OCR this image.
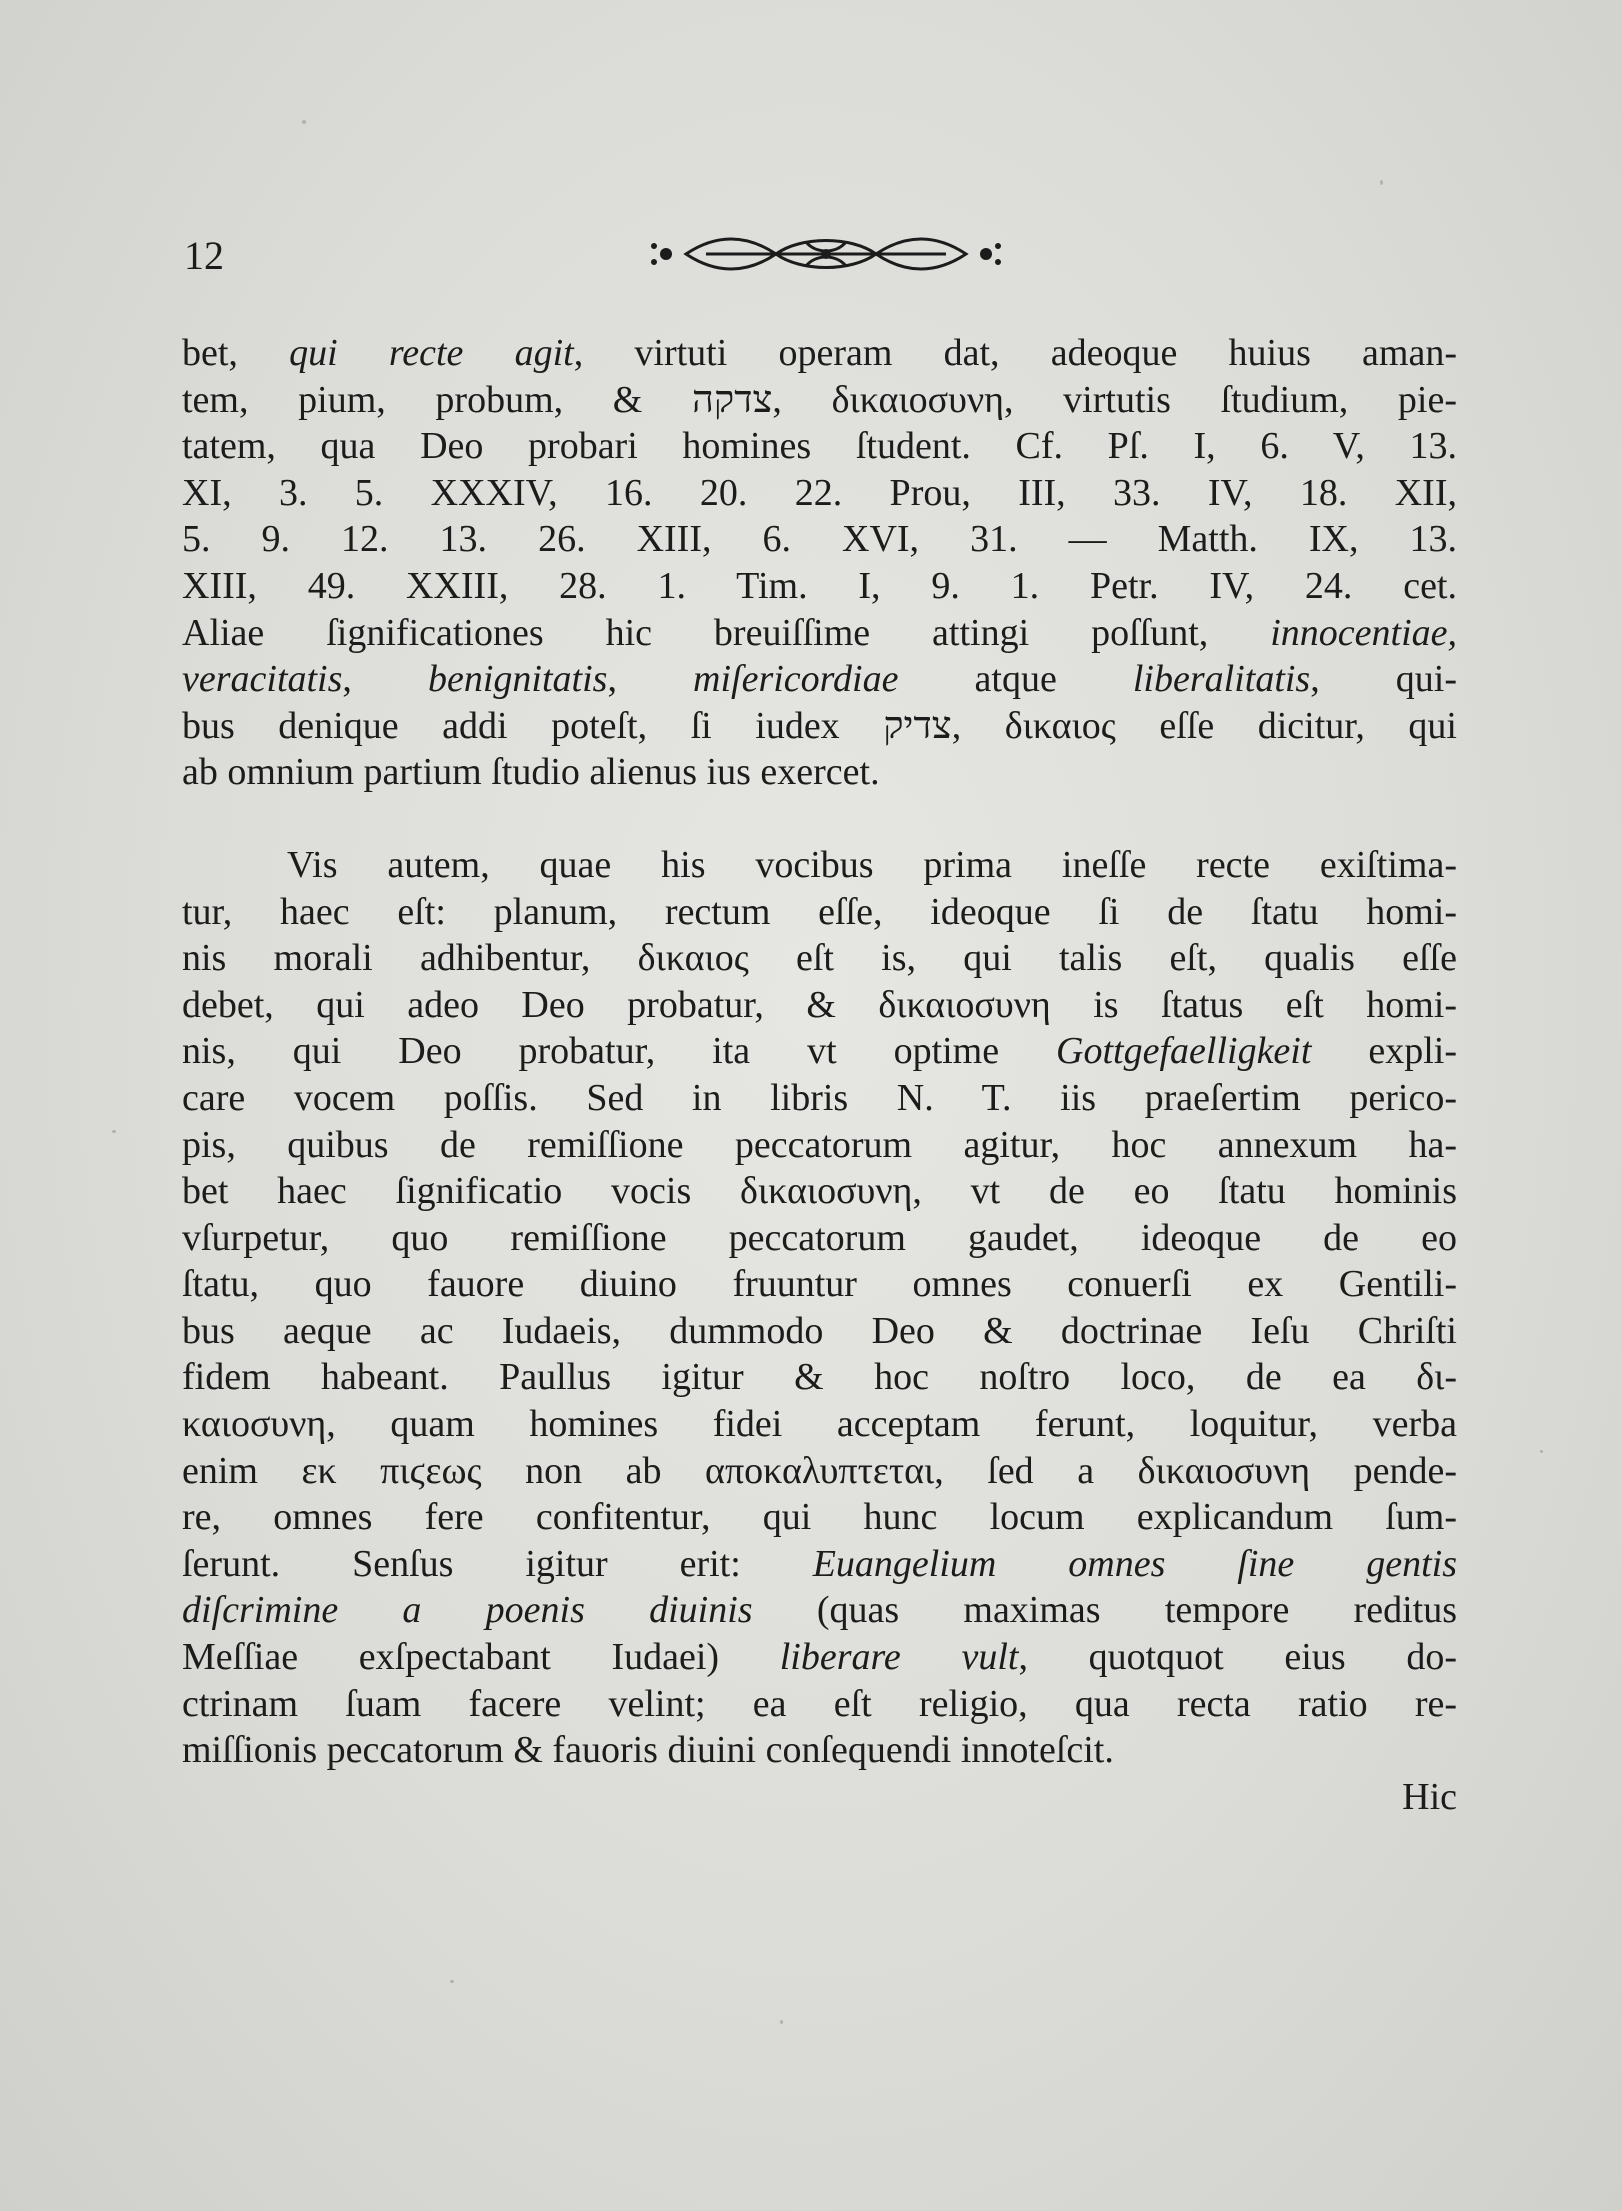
12
bet, qui recte agit, virtuti operam dat, adeoque huius aman-
tem, pium, probum, & צדקה, δικαιοσυνη, virtutis ſtudium, pie-
tatem, qua Deo probari homines ſtudent. Cf. Pſ. I, 6. V, 13.
XI, 3. 5. XXXIV, 16. 20. 22. Prou, III, 33. IV, 18. XII,
5. 9. 12. 13. 26. XIII, 6. XVI, 31. — Matth. IX, 13.
XIII, 49. XXIII, 28. 1. Tim. I, 9. 1. Petr. IV, 24. cet.
Aliae ſignificationes hic breuiſſime attingi poſſunt, innocentiae,
veracitatis, benignitatis, miſericordiae atque liberalitatis, qui-
bus denique addi poteſt, ſi iudex צדיק, δικαιος eſſe dicitur, qui
ab omnium partium ſtudio alienus ius exercet.
Vis autem, quae his vocibus prima ineſſe recte exiſtima-
tur, haec eſt: planum, rectum eſſe, ideoque ſi de ſtatu homi-
nis morali adhibentur, δικαιος eſt is, qui talis eſt, qualis eſſe
debet, qui adeo Deo probatur, & δικαιοσυνη is ſtatus eſt homi-
nis, qui Deo probatur, ita vt optime Gottgefaelligkeit expli-
care vocem poſſis. Sed in libris N. T. iis praeſertim perico-
pis, quibus de remiſſione peccatorum agitur, hoc annexum ha-
bet haec ſignificatio vocis δικαιοσυνη, vt de eo ſtatu hominis
vſurpetur, quo remiſſione peccatorum gaudet, ideoque de eo
ſtatu, quo fauore diuino fruuntur omnes conuerſi ex Gentili-
bus aeque ac Iudaeis, dummodo Deo & doctrinae Ieſu Chriſti
fidem habeant. Paullus igitur & hoc noſtro loco, de ea δι-
καιοσυνη, quam homines fidei acceptam ferunt, loquitur, verba
enim εκ πιϛεως non ab αποκαλυπτεται, ſed a δικαιοσυνη pende-
re, omnes fere confitentur, qui hunc locum explicandum ſum-
ſerunt. Senſus igitur erit: Euangelium omnes ſine gentis
diſcrimine a poenis diuinis (quas maximas tempore reditus
Meſſiae exſpectabant Iudaei) liberare vult, quotquot eius do-
ctrinam ſuam facere velint; ea eſt religio, qua recta ratio re-
miſſionis peccatorum & fauoris diuini conſequendi innoteſcit.
Hic
